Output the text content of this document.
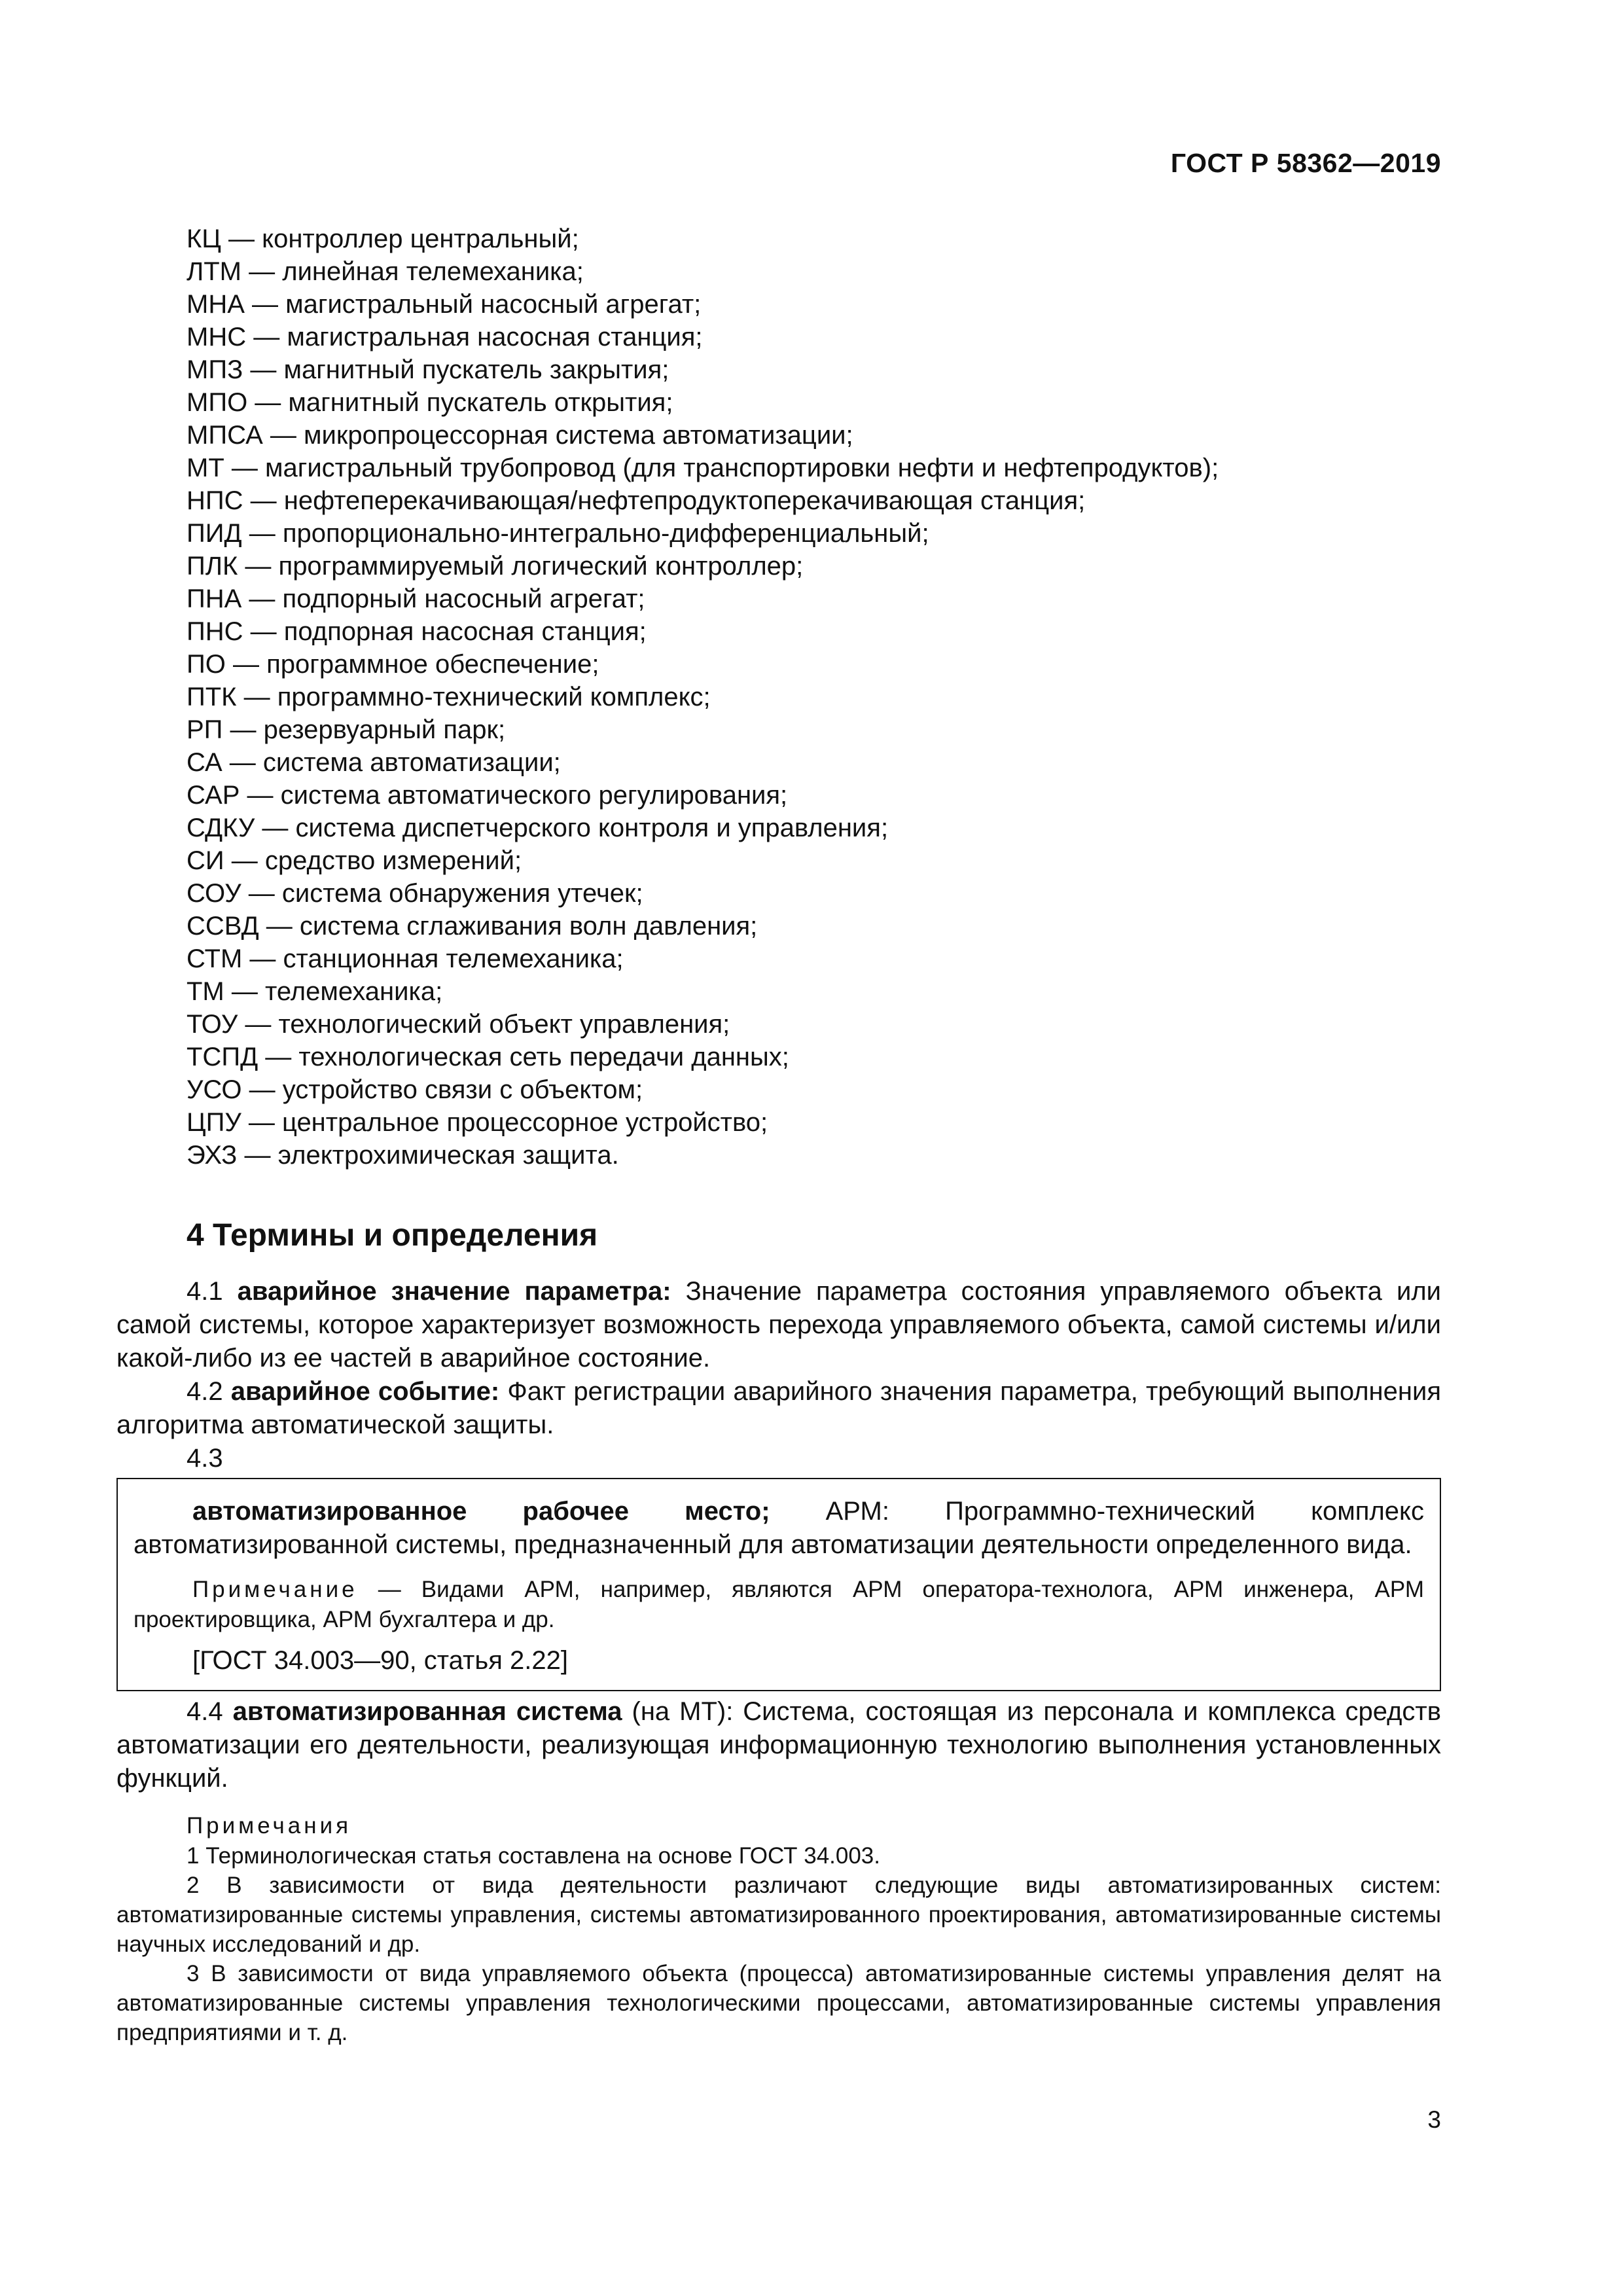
ГОСТ Р 58362—2019
КЦ — контроллер центральный;
ЛТМ — линейная телемеханика;
МНА — магистральный насосный агрегат;
МНС — магистральная насосная станция;
МПЗ — магнитный пускатель закрытия;
МПО — магнитный пускатель открытия;
МПСА — микропроцессорная система автоматизации;
МТ — магистральный трубопровод (для транспортировки нефти и нефтепродуктов);
НПС — нефтеперекачивающая/нефтепродуктоперекачивающая станция;
ПИД — пропорционально-интегрально-дифференциальный;
ПЛК — программируемый логический контроллер;
ПНА — подпорный насосный агрегат;
ПНС — подпорная насосная станция;
ПО — программное обеспечение;
ПТК — программно-технический комплекс;
РП — резервуарный парк;
СА — система автоматизации;
САР — система автоматического регулирования;
СДКУ — система диспетчерского контроля и управления;
СИ — средство измерений;
СОУ — система обнаружения утечек;
ССВД — система сглаживания волн давления;
СТМ — станционная телемеханика;
ТМ — телемеханика;
ТОУ — технологический объект управления;
ТСПД — технологическая сеть передачи данных;
УСО — устройство связи с объектом;
ЦПУ — центральное процессорное устройство;
ЭХЗ — электрохимическая защита.
4 Термины и определения

4.1 аварийное значение параметра: Значение параметра состояния управляемого объекта или самой системы, которое характеризует возможность перехода управляемого объекта, самой системы и/или какой-либо из ее частей в аварийное состояние.

4.2 аварийное событие: Факт регистрации аварийного значения параметра, требующий выполнения алгоритма автоматической защиты.

4.3

автоматизированное рабочее место; АРМ: Программно-технический комплекс автоматизированной системы, предназначенный для автоматизации деятельности определенного вида.

Примечание — Видами АРМ, например, являются АРМ оператора-технолога, АРМ инженера, АРМ проектировщика, АРМ бухгалтера и др.

[ГОСТ 34.003—90, статья 2.22]

4.4 автоматизированная система (на МТ): Система, состоящая из персонала и комплекса средств автоматизации его деятельности, реализующая информационную технологию выполнения установленных функций.

Примечания

1 Терминологическая статья составлена на основе ГОСТ 34.003.

2 В зависимости от вида деятельности различают следующие виды автоматизированных систем: автоматизированные системы управления, системы автоматизированного проектирования, автоматизированные системы научных исследований и др.

3 В зависимости от вида управляемого объекта (процесса) автоматизированные системы управления делят на автоматизированные системы управления технологическими процессами, автоматизированные системы управления предприятиями и т. д.

3
